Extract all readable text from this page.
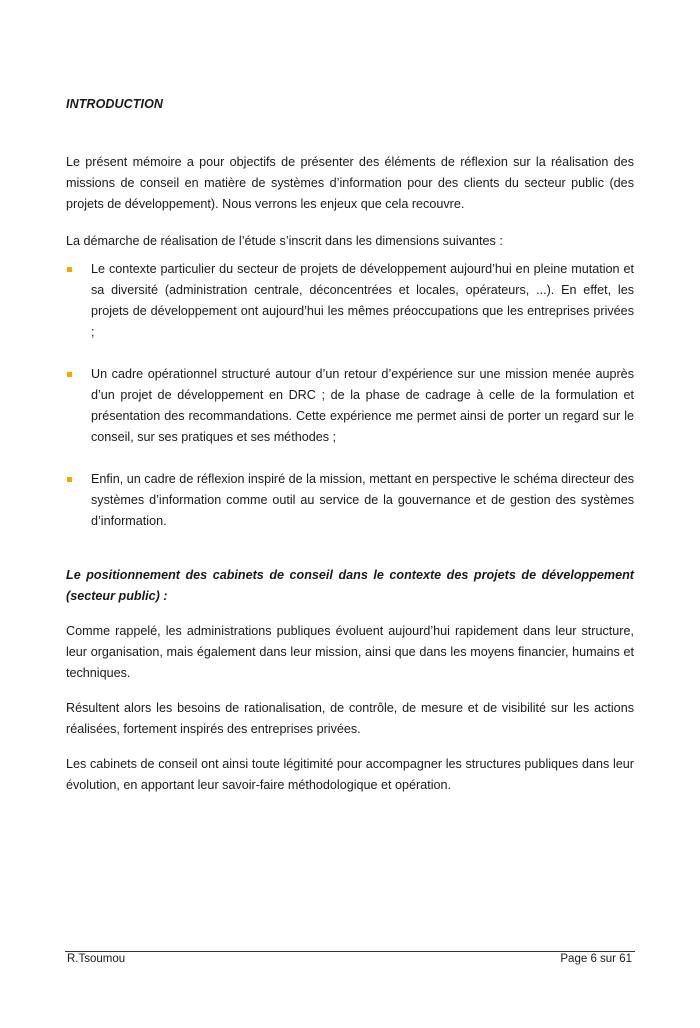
INTRODUCTION

Le présent mémoire a pour objectifs de présenter des éléments de réflexion sur la réalisation des missions de conseil en matière de systèmes d’information pour des clients du secteur public (des projets de développement). Nous verrons les enjeux que cela recouvre.

La démarche de réalisation de l’étude s’inscrit dans les dimensions suivantes :

Le contexte particulier du secteur de projets de développement aujourd’hui en pleine mutation et sa diversité (administration centrale, déconcentrées et locales, opérateurs, ...). En effet, les projets de développement ont aujourd’hui les mêmes préoccupations que les entreprises privées ;
Un cadre opérationnel structuré autour d’un retour d’expérience sur une mission menée auprès d’un projet de développement en DRC ; de la phase de cadrage à celle de la formulation et présentation des recommandations. Cette expérience me permet ainsi de porter un regard sur le conseil, sur ses pratiques et ses méthodes ;
Enfin, un cadre de réflexion inspiré de la mission, mettant en perspective le schéma directeur des systèmes d’information comme outil au service de la gouvernance et de gestion des systèmes d’information.

Le positionnement des cabinets de conseil dans le contexte des projets de développement (secteur public) :

Comme rappelé, les administrations publiques évoluent aujourd’hui rapidement dans leur structure, leur organisation, mais également dans leur mission, ainsi que dans les moyens financier, humains et techniques.

Résultent alors les besoins de rationalisation, de contrôle, de mesure et de visibilité sur les actions réalisées, fortement inspirés des entreprises privées.

Les cabinets de conseil ont ainsi toute légitimité pour accompagner les structures publiques dans leur évolution, en apportant leur savoir-faire méthodologique et opération.

R.Tsoumou	Page 6 sur 61
